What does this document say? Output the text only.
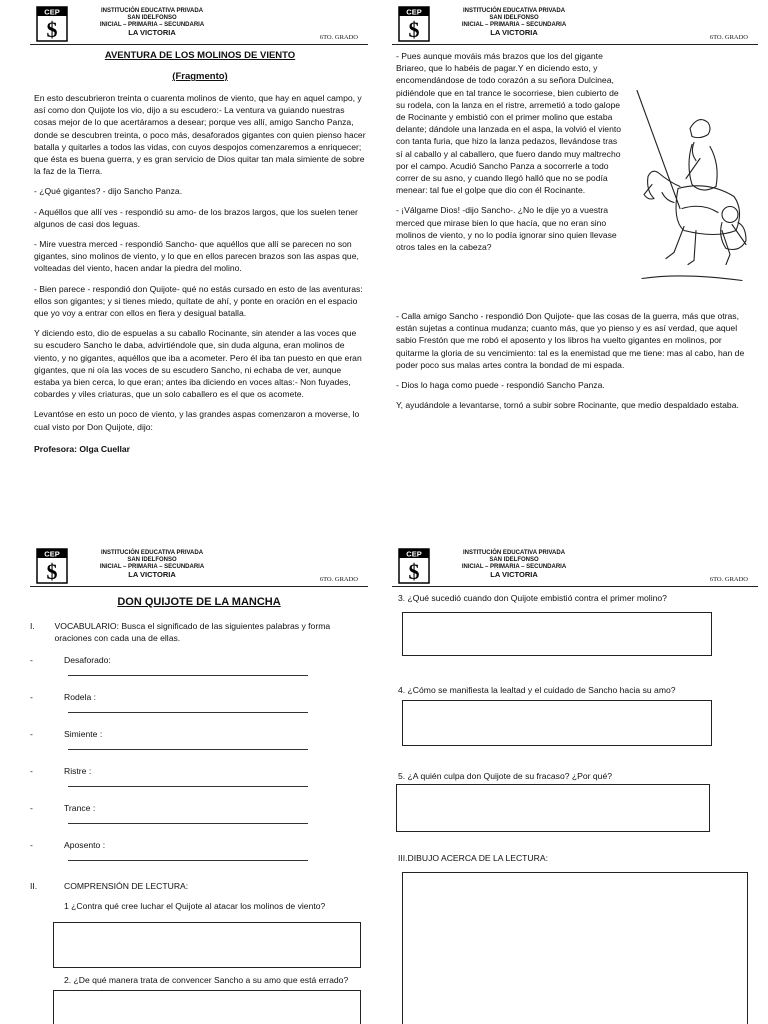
CEP
$
INSTITUCIÓN EDUCATIVA PRIVADA
SAN IDELFONSO
INICIAL – PRIMARIA – SECUNDARIA
LA VICTORIA
6TO. GRADO
AVENTURA DE LOS MOLINOS DE VIENTO
(Fragmento)

En esto descubrieron treinta o cuarenta molinos de viento, que hay en aquel campo, y así como don Quijote los vio, dijo a su escudero:- La ventura va guiando nuestras cosas mejor de lo que acertáramos a desear; porque ves allí, amigo Sancho Panza, donde se descubren treinta, o poco más, desaforados gigantes con quien pienso hacer batalla y quitarles a todos las vidas, con cuyos despojos comenzaremos a enriquecer; que ésta es buena guerra, y es gran servicio de Dios quitar tan mala simiente de sobre la faz de la Tierra.

- ¿Qué gigantes? - dijo Sancho Panza.

- Aquéllos que allí ves - respondió su amo- de los brazos largos, que los suelen tener algunos de casi dos leguas.

- Mire vuestra merced - respondió Sancho- que aquéllos que allí se parecen no son gigantes, sino molinos de viento, y lo que en ellos parecen brazos son las aspas que, volteadas del viento, hacen andar la piedra del molino.

- Bien parece - respondió don Quijote- qué no estás cursado en esto de las aventuras: ellos son gigantes; y si tienes miedo, quítate de ahí, y ponte en oración en el espacio que yo voy a entrar con ellos en fiera y desigual batalla.

Y diciendo esto, dio de espuelas a su caballo Rocinante, sin atender a las voces que su escudero Sancho le daba, advirtiéndole que, sin duda alguna, eran molinos de viento, y no gigantes, aquéllos que iba a acometer. Pero él iba tan puesto en que eran gigantes, que ni oía las voces de su escudero Sancho, ni echaba de ver, aunque estaba ya bien cerca, lo que eran; antes iba diciendo en voces altas:- Non fuyades, cobardes y viles criaturas, que un solo caballero es el que os acomete.

Levantóse en esto un poco de viento, y las grandes aspas comenzaron a moverse, lo cual visto por Don Quijote, dijo:

Profesora: Olga Cuellar

CEP
$
INSTITUCIÓN EDUCATIVA PRIVADA
SAN IDELFONSO
INICIAL – PRIMARIA – SECUNDARIA
LA VICTORIA
6TO. GRADO

- Pues aunque mováis más brazos que los del gigante Briareo, que lo habéis de pagar.Y en diciendo esto, y encomendándose de todo corazón a su señora Dulcinea, pidiéndole que en tal trance le socorriese, bien cubierto de su rodela, con la lanza en el ristre, arremetió a todo galope de Rocinante y embistió con el primer molino que estaba delante; dándole una lanzada en el aspa, la volvió el viento con tanta furia, que hizo la lanza pedazos, llevándose tras sí al caballo y al caballero, que fuero dando muy maltrecho por el campo. Acudió Sancho Panza a socorrerle a todo correr de su asno, y cuando llegó halló que no se podía menear: tal fue el golpe que dio con él Rocinante.

- ¡Válgame Dios! -dijo Sancho-. ¿No le dije yo a vuestra merced que mirase bien lo que hacía, que no eran sino molinos de viento, y no lo podía ignorar sino quien llevase otros tales en la cabeza?

- Calla amigo Sancho - respondió Don Quijote- que las cosas de la guerra, más que otras, están sujetas a continua mudanza; cuanto más, que yo pienso y es así verdad, que aquel sabio Frestón que me robó el aposento y los libros ha vuelto gigantes en molinos, por quitarme la gloria de su vencimiento: tal es la enemistad que me tiene: mas al cabo, han de poder poco sus malas artes contra la bondad de mi espada.

- Dios lo haga como puede - respondió Sancho Panza.

Y, ayudándole a levantarse, tornó a subir sobre Rocinante, que medio despaldado estaba.

CEP
$
INSTITUCIÓN EDUCATIVA PRIVADA
SAN IDELFONSO
INICIAL – PRIMARIA – SECUNDARIA
LA VICTORIA
6TO. GRADO
DON QUIJOTE DE LA MANCHA
I.	VOCABULARIO: Busca el significado de las siguientes palabras y forma oraciones con cada una de ellas.
-	Desaforado:
-	Rodela :
-	Simiente :
-	Ristre :
-	Trance :
-	Aposento :
II.	COMPRENSIÓN DE LECTURA:
1 ¿Contra qué cree luchar el Quijote al atacar los molinos de viento?
2. ¿De qué manera trata de convencer Sancho a su amo que está errado?
CEP
$
INSTITUCIÓN EDUCATIVA PRIVADA
SAN IDELFONSO
INICIAL – PRIMARIA – SECUNDARIA
LA VICTORIA
6TO. GRADO
3. ¿Qué sucedió cuando don Quijote embistió contra el primer molino?
4. ¿Cómo se manifiesta la lealtad y el cuidado de Sancho hacia su amo?
5. ¿A quién culpa don Quijote de su fracaso? ¿Por qué?
III.DIBUJO ACERCA DE LA LECTURA:
